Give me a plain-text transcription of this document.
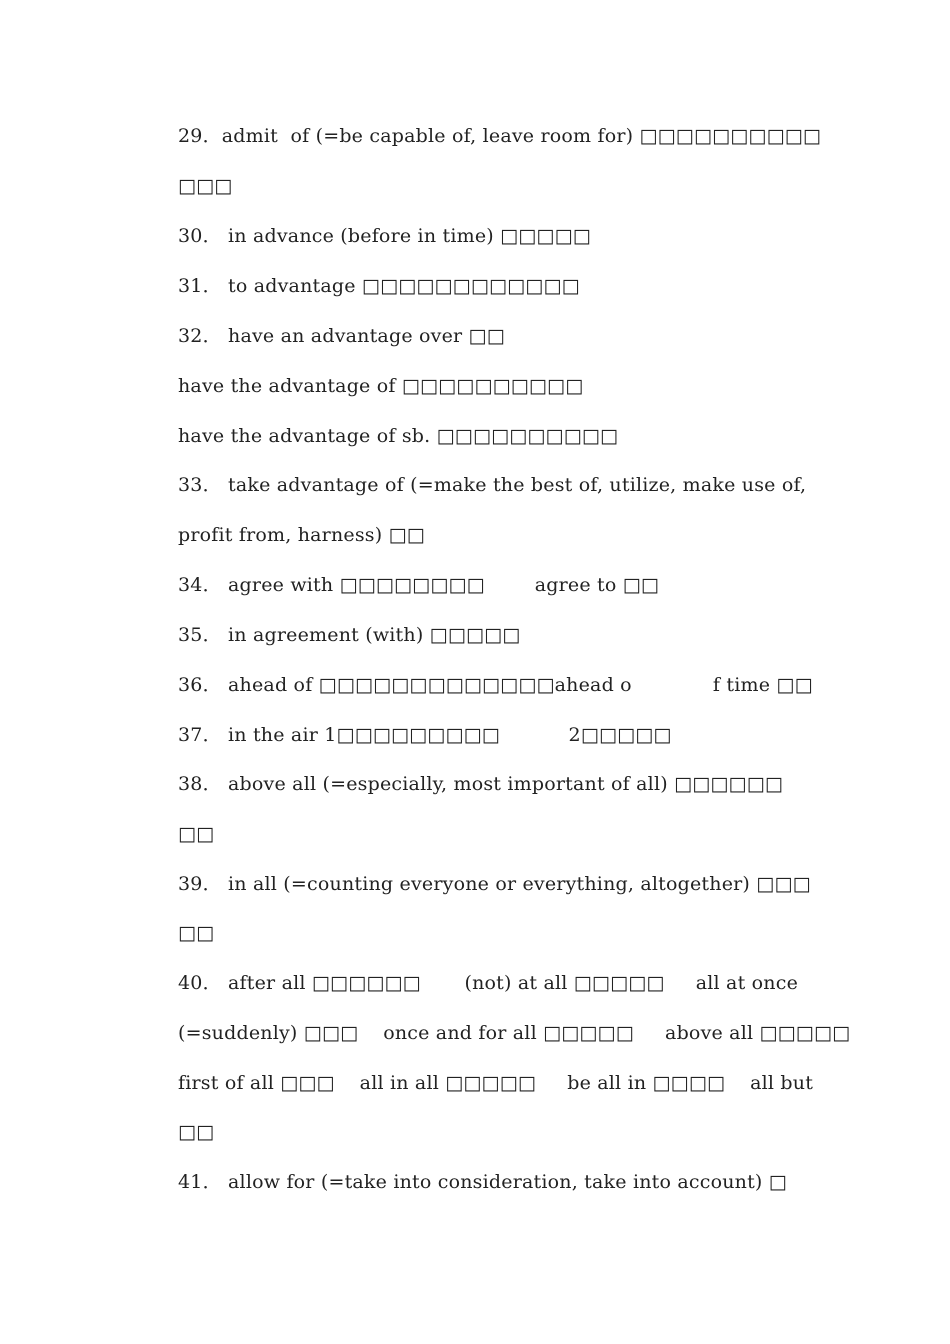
29．admit  of (=be capable of, leave room for) □□□□□□□□□□
□□□
30． in advance (before in time) □□□□□
31． to advantage □□□□□□□□□□□□
32． have an advantage over □□
have the advantage of □□□□□□□□□□
have the advantage of sb. □□□□□□□□□□
33． take advantage of (=make the best of, utilize, make use of,
profit from, harness) □□
34． agree with □□□□□□□□        agree to □□
35． in agreement (with) □□□□□
36． ahead of □□□□□□□□□□□□□ahead o             f time □□
37． in the air 1□□□□□□□□□           2□□□□□
38． above all (=especially, most important of all) □□□□□□
□□
39． in all (=counting everyone or everything, altogether) □□□
□□
40． after all □□□□□□       (not) at all □□□□□     all at once
(=suddenly) □□□    once and for all □□□□□     above all □□□□□
first of all □□□    all in all □□□□□     be all in □□□□    all but
□□
41． allow for (=take into consideration, take into account) □
